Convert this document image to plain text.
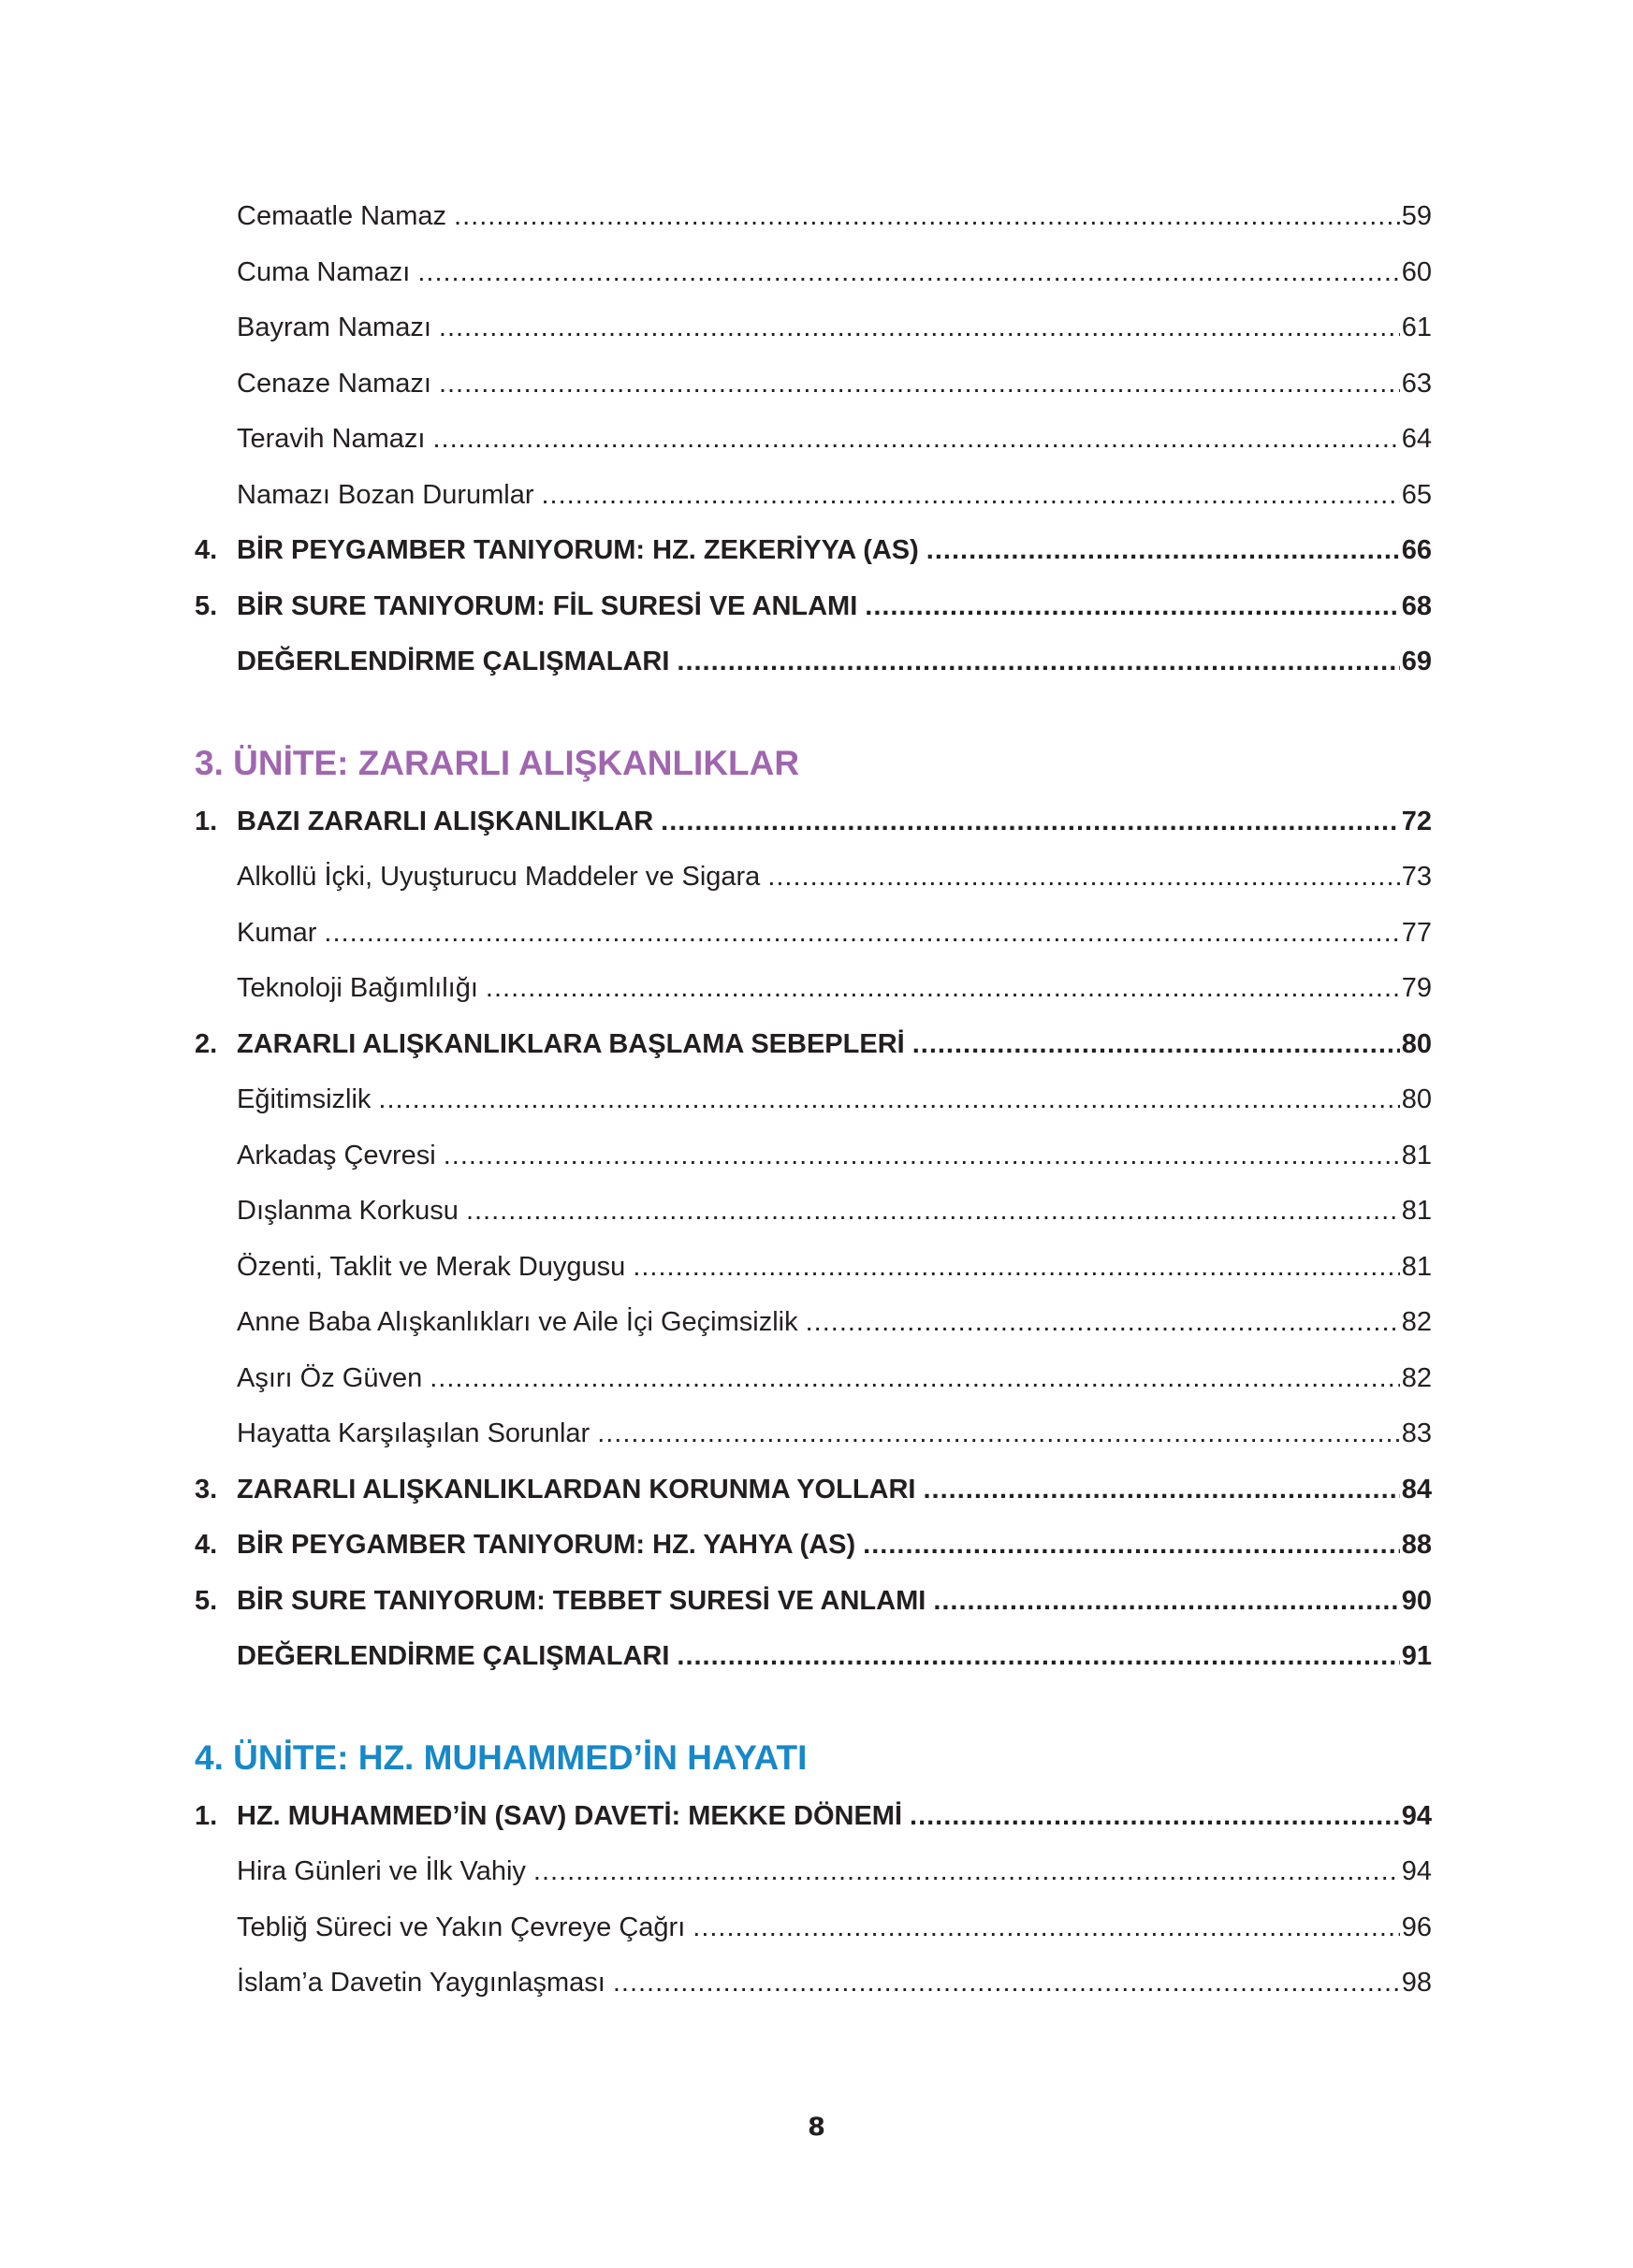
Cemaatle Namaz .....	59
Cuma Namazı .....	60
Bayram Namazı .....	61
Cenaze Namazı .....	63
Teravih Namazı .....	64
Namazı Bozan Durumlar .....	65
4. BİR PEYGAMBER TANIYORUM: HZ. ZEKERİYYA (AS) .....	66
5. BİR SURE TANIYORUM: FİL SURESİ VE ANLAMI .....	68
DEĞERLENDİRME ÇALIŞMALARI .....	69
3. ÜNİTE: ZARARLI ALIŞKANLIKLAR
1. BAZI ZARARLI ALIŞKANLIKLAR .....	72
Alkollü İçki, Uyuşturucu Maddeler ve Sigara .....	73
Kumar .....	77
Teknoloji Bağımlılığı .....	79
2. ZARARLI ALIŞKANLIKLARA BAŞLAMA SEBEPLERİ .....	80
Eğitimsizlik .....	80
Arkadaş Çevresi .....	81
Dışlanma Korkusu .....	81
Özenti, Taklit ve Merak Duygusu .....	81
Anne Baba Alışkanlıkları ve Aile İçi Geçimsizlik .....	82
Aşırı Öz Güven .....	82
Hayatta Karşılaşılan Sorunlar .....	83
3. ZARARLI ALIŞKANLIKLARDAN KORUNMA YOLLARI .....	84
4. BİR PEYGAMBER TANIYORUM: HZ. YAHYA (AS) .....	88
5. BİR SURE TANIYORUM: TEBBET SURESİ VE ANLAMI .....	90
DEĞERLENDİRME ÇALIŞMALARI .....	91
4. ÜNİTE: HZ. MUHAMMED’İN HAYATI
1. HZ. MUHAMMED’İN (SAV) DAVETİ: MEKKE DÖNEMİ .....	94
Hira Günleri ve İlk Vahiy .....	94
Tebliğ Süreci ve Yakın Çevreye Çağrı .....	96
İslam’a Davetin Yaygınlaşması .....	98
8
